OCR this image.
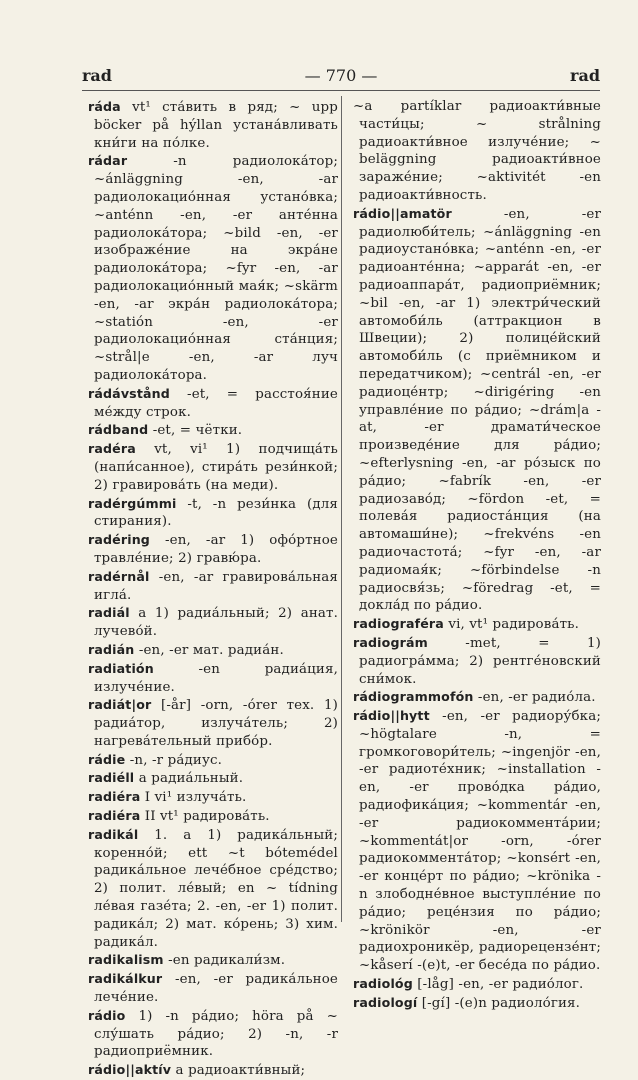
rad	— 770 —	rad

ráda vt¹ ста́вить в ряд; ~ upp böcker på hýllan устана́вливать кни́ги на по́лке.

rádar -n радиолока́тор; ~ánläggning -en, -ar радиолокацио́нная устано́вка; ~anténn -en, -er анте́нна радиолока́тора; ~bild -en, -er изображе́ние на экра́не радиолока́тора; ~fyr -en, -ar радиолокацио́нный мая́к; ~skärm -en, -ar экра́н радиолока́тора; ~statión -en, -er радиолокацио́нная ста́нция; ~strål|e -en, -ar луч радиолока́тора.

rádávstånd -et, = расстоя́ние ме́жду строк.

rádband -et, = чётки.

radéra vt, vi¹ 1) подчища́ть (напи́санное), стира́ть рези́нкой; 2) гравирова́ть (на меди).

radérgúmmi -t, -n рези́нка (для стирания).

radéring -en, -ar 1) офо́ртное травле́ние; 2) гравю́ра.

radérnål -en, -ar гравирова́льная игла́.

radiál a 1) радиа́льный; 2) анат. лучево́й.

radián -en, -er мат. радиа́н.

radiatión -en радиа́ция, излуче́ние.

radiát|or [-år] -orn, -órer тех. 1) радиа́тор, излуча́тель; 2) нагрева́тельный прибо́р.

rádie -n, -r ра́диус.

radiéll a радиа́льный.

radiéra I vi¹ излуча́ть.

radiéra II vt¹ радирова́ть.

radikál 1. a 1) радика́льный; коренно́й; ett ~t bótemédel радика́льное лече́бное сре́дство; 2) полит. ле́вый; en ~ tídning ле́вая газе́та; 2. -en, -er 1) полит. радика́л; 2) мат. ко́рень; 3) хим. радика́л.

radikalism -en радикали́зм.

radikálkur -en, -er радика́льное лече́ние.

rádio 1) -n ра́дио; höra på ~ слу́шать ра́дио; 2) -n, -r радиоприёмник.

rádio||aktív a радиоакти́вный;

~a partíklar радиоакти́вные части́цы; ~ strålning радиоакти́вное излуче́ние; ~ beläggning радиоакти́вное зараже́ние; ~aktivitét -en радиоакти́вность.

rádio||amatör -en, -er радиолюби́тель; ~ánläggning -en радиоустано́вка; ~anténn -en, -er радиоанте́нна; ~apparát -en, -er радиоаппара́т, радиоприёмник; ~bil -en, -ar 1) электри́ческий автомоби́ль (аттракцион в Швеции); 2) полице́йский автомоби́ль (с приёмником и передатчиком); ~centrál -en, -er радиоце́нтр; ~dirigéring -en управле́ние по ра́дио; ~drám|a -at, -er драмати́ческое произведе́ние для ра́дио; ~efterlysning -en, -ar ро́зыск по ра́дио; ~fabrík -en, -er радиозаво́д; ~fördon -et, = полева́я радиоста́нция (на автомаши́не); ~frekvéns -en радиочастота́; ~fyr -en, -ar радиомая́к; ~förbindelse -n радиосвя́зь; ~föredrag -et, = докла́д по ра́дио.

radiograféra vi, vt¹ радирова́ть.

radiográm -met, = 1) радиогра́мма; 2) рентге́новский сни́мок.

rádiogrammofón -en, -er радио́ла.

rádio||hytt -en, -er радиору́бка; ~högtalare -n, = громкоговори́тель; ~ingenjör -en, -er радиоте́хник; ~installation -en, -er прово́дка ра́дио, радиофика́ция; ~kommentár -en, -er радиокоммента́рии; ~kommentát|or -orn, -órer радиокоммента́тор; ~konsért -en, -er конце́рт по ра́дио; ~krönika -n злободне́вное выступле́ние по ра́дио; реце́нзия по ра́дио; ~krönikör -en, -er радиохроникёр, радиорецензе́нт; ~kåserí -(e)t, -er бесе́да по ра́дио.

radiológ [-låg] -en, -er радио́лог.

radiologí [-gí] -(e)n радиоло́гия.
